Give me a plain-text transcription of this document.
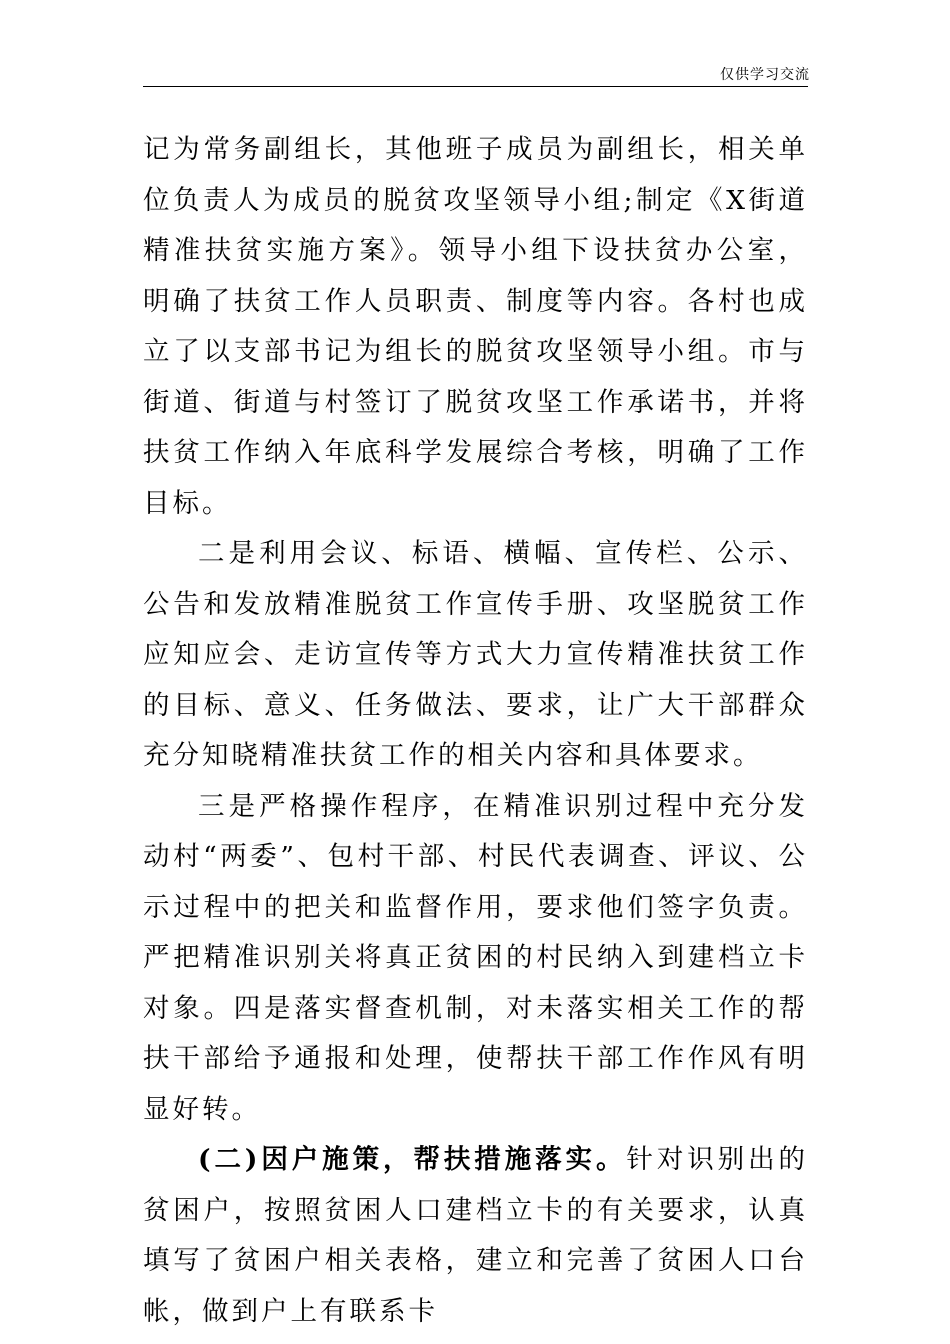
仅供学习交流

记为常务副组长，其他班子成员为副组长，相关单位负责人为成员的脱贫攻坚领导小组;制定《X街道精准扶贫实施方案》。领导小组下设扶贫办公室，明确了扶贫工作人员职责、制度等内容。各村也成立了以支部书记为组长的脱贫攻坚领导小组。市与街道、街道与村签订了脱贫攻坚工作承诺书，并将扶贫工作纳入年底科学发展综合考核，明确了工作目标。

二是利用会议、标语、横幅、宣传栏、公示、公告和发放精准脱贫工作宣传手册、攻坚脱贫工作应知应会、走访宣传等方式大力宣传精准扶贫工作的目标、意义、任务做法、要求，让广大干部群众充分知晓精准扶贫工作的相关内容和具体要求。

三是严格操作程序，在精准识别过程中充分发动村“两委”、包村干部、村民代表调查、评议、公示过程中的把关和监督作用，要求他们签字负责。严把精准识别关将真正贫困的村民纳入到建档立卡对象。四是落实督查机制，对未落实相关工作的帮扶干部给予通报和处理，使帮扶干部工作作风有明显好转。

(二)因户施策，帮扶措施落实。针对识别出的贫困户，按照贫困人口建档立卡的有关要求，认真填写了贫困户相关表格，建立和完善了贫困人口台帐，做到户上有联系卡
